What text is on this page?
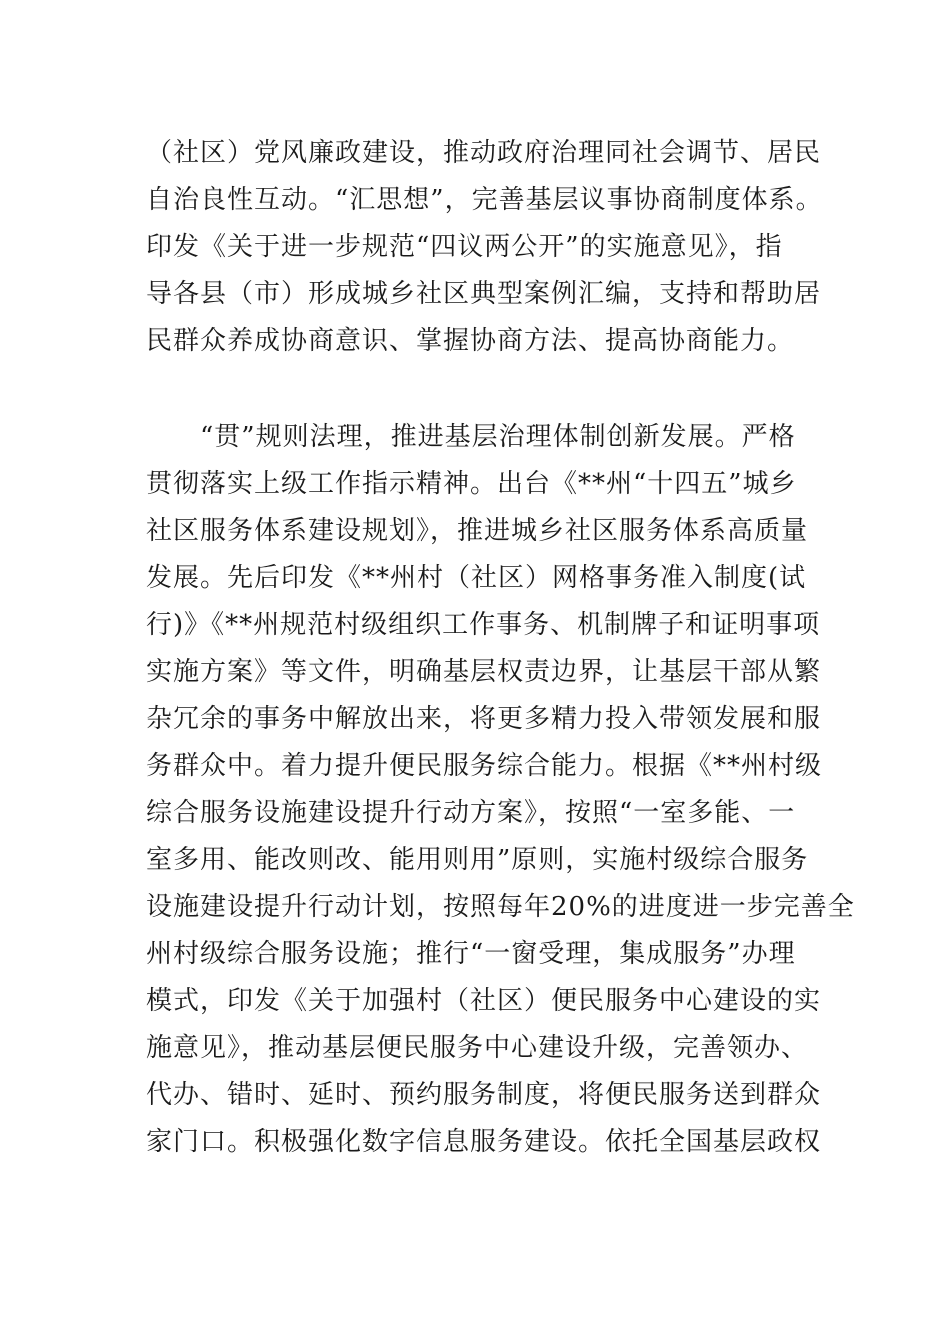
（社区）党风廉政建设，推动政府治理同社会调节、居民
自治良性互动。“汇思想”，完善基层议事协商制度体系。
印发《关于进一步规范“四议两公开”的实施意见》，指
导各县（市）形成城乡社区典型案例汇编，支持和帮助居
民群众养成协商意识、掌握协商方法、提高协商能力。
　　“贯”规则法理，推进基层治理体制创新发展。严格
贯彻落实上级工作指示精神。出台《**州“十四五”城乡
社区服务体系建设规划》，推进城乡社区服务体系高质量
发展。先后印发《**州村（社区）网格事务准入制度(试
行)》《**州规范村级组织工作事务、机制牌子和证明事项
实施方案》等文件，明确基层权责边界，让基层干部从繁
杂冗余的事务中解放出来，将更多精力投入带领发展和服
务群众中。着力提升便民服务综合能力。根据《**州村级
综合服务设施建设提升行动方案》，按照“一室多能、一
室多用、能改则改、能用则用”原则，实施村级综合服务
设施建设提升行动计划，按照每年20%的进度进一步完善全
州村级综合服务设施；推行“一窗受理，集成服务”办理
模式，印发《关于加强村（社区）便民服务中心建设的实
施意见》，推动基层便民服务中心建设升级，完善领办、
代办、错时、延时、预约服务制度，将便民服务送到群众
家门口。积极强化数字信息服务建设。依托全国基层政权
